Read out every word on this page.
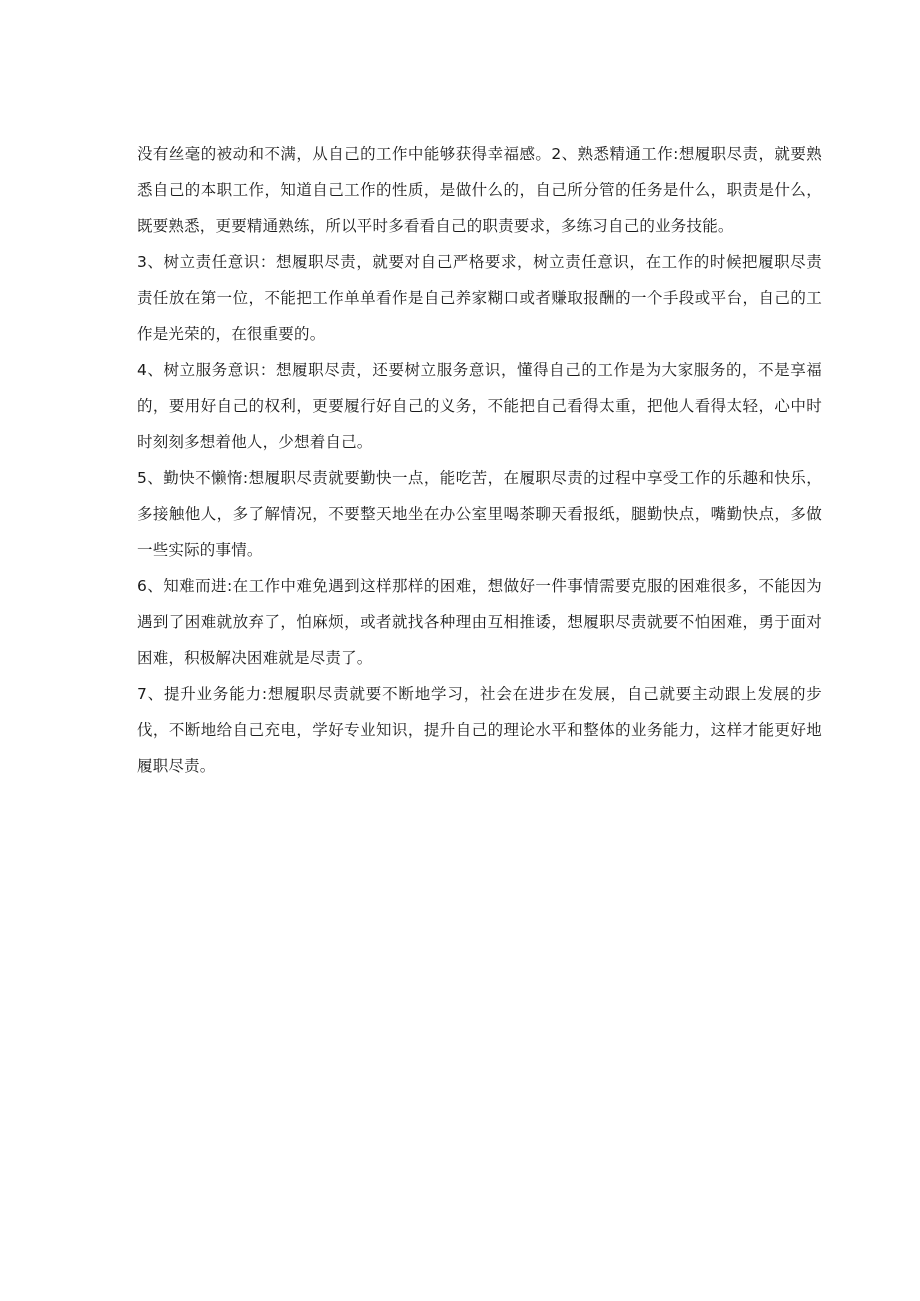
没有丝毫的被动和不满，从自己的工作中能够获得幸福感。2、熟悉精通工作:想履职尽责，就要熟悉自己的本职工作，知道自己工作的性质，是做什么的，自己所分管的任务是什么，职责是什么，既要熟悉，更要精通熟练，所以平时多看看自己的职责要求，多练习自己的业务技能。

3、树立责任意识：想履职尽责，就要对自己严格要求，树立责任意识，在工作的时候把履职尽责责任放在第一位，不能把工作单单看作是自己养家糊口或者赚取报酬的一个手段或平台，自己的工作是光荣的，在很重要的。

4、树立服务意识：想履职尽责，还要树立服务意识，懂得自己的工作是为大家服务的，不是享福的，要用好自己的权利，更要履行好自己的义务，不能把自己看得太重，把他人看得太轻，心中时时刻刻多想着他人，少想着自己。

5、勤快不懒惰:想履职尽责就要勤快一点，能吃苦，在履职尽责的过程中享受工作的乐趣和快乐，多接触他人，多了解情况，不要整天地坐在办公室里喝茶聊天看报纸，腿勤快点，嘴勤快点，多做一些实际的事情。

6、知难而进:在工作中难免遇到这样那样的困难，想做好一件事情需要克服的困难很多，不能因为遇到了困难就放弃了，怕麻烦，或者就找各种理由互相推诿，想履职尽责就要不怕困难，勇于面对困难，积极解决困难就是尽责了。

7、提升业务能力:想履职尽责就要不断地学习，社会在进步在发展，自己就要主动跟上发展的步伐，不断地给自己充电，学好专业知识，提升自己的理论水平和整体的业务能力，这样才能更好地履职尽责。
